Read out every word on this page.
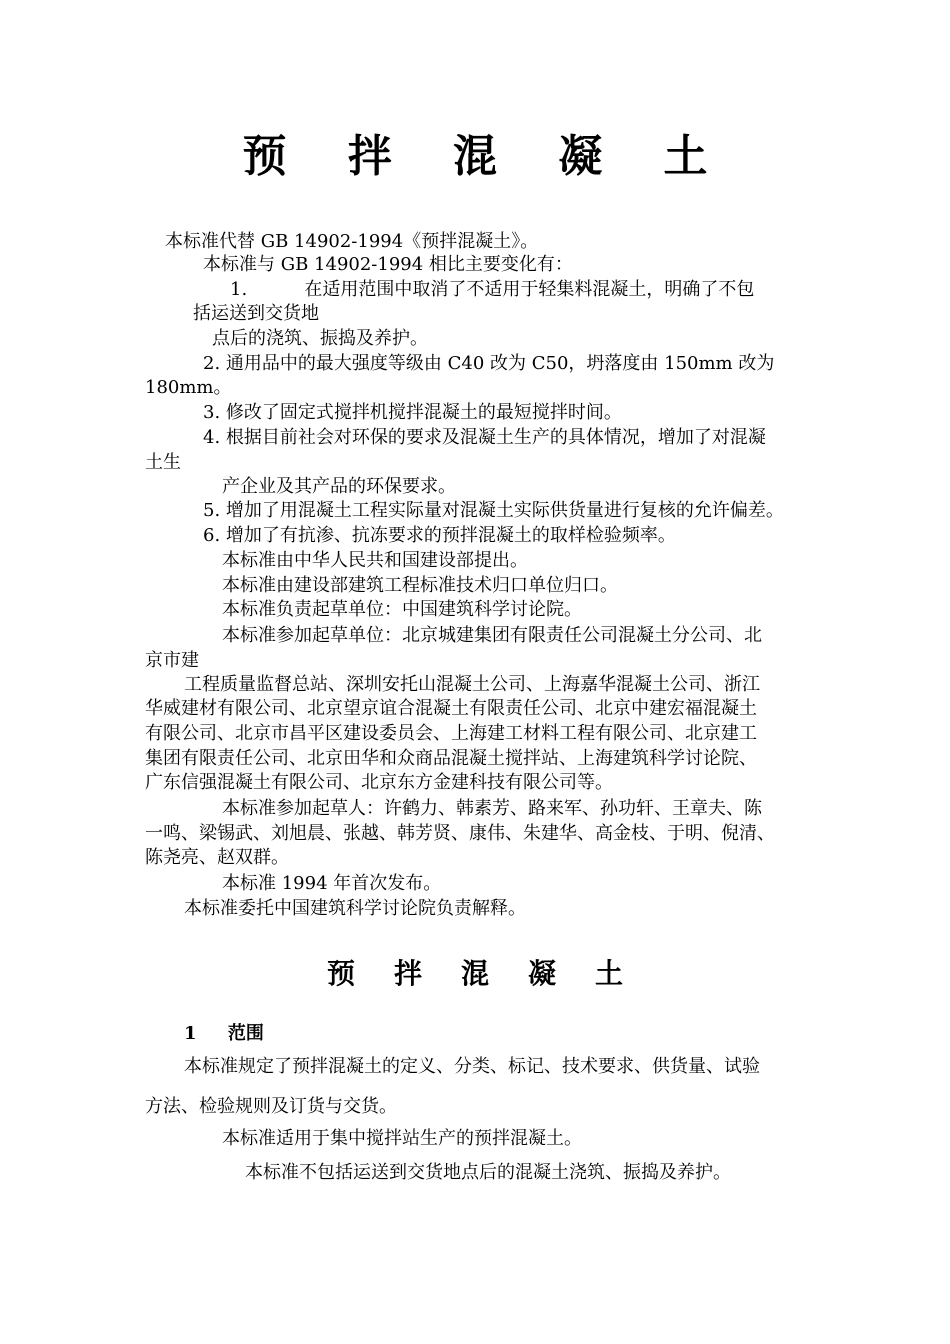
预    拌    混    凝    土

本标准代替 GB 14902-1994《预拌混凝土》。

本标准与 GB 14902-1994 相比主要变化有：

1.          在适用范围中取消了不适用于轻集料混凝土，明确了不包

括运送到交货地

点后的浇筑、振捣及养护。

2. 通用品中的最大强度等级由 C40 改为 C50，坍落度由 150mm 改为

180mm。

3. 修改了固定式搅拌机搅拌混凝土的最短搅拌时间。

4. 根据目前社会对环保的要求及混凝土生产的具体情况，增加了对混凝

土生

产企业及其产品的环保要求。

5. 增加了用混凝土工程实际量对混凝土实际供货量进行复核的允许偏差。

6. 增加了有抗渗、抗冻要求的预拌混凝土的取样检验频率。

本标准由中华人民共和国建设部提出。

本标准由建设部建筑工程标准技术归口单位归口。

本标准负责起草单位：中国建筑科学讨论院。

本标准参加起草单位：北京城建集团有限责任公司混凝土分公司、北

京市建

工程质量监督总站、深圳安托山混凝土公司、上海嘉华混凝土公司、浙江

华威建材有限公司、北京望京谊合混凝土有限责任公司、北京中建宏福混凝土

有限公司、北京市昌平区建设委员会、上海建工材料工程有限公司、北京建工

集团有限责任公司、北京田华和众商品混凝土搅拌站、上海建筑科学讨论院、

广东信强混凝土有限公司、北京东方金建科技有限公司等。

本标准参加起草人：许鹤力、韩素芳、路来军、孙功轩、王章夫、陈

一鸣、梁锡武、刘旭晨、张越、韩芳贤、康伟、朱建华、高金枝、于明、倪清、

陈尧亮、赵双群。

本标准 1994 年首次发布。

本标准委托中国建筑科学讨论院负责解释。

预    拌    混    凝    土

1     范围

本标准规定了预拌混凝土的定义、分类、标记、技术要求、供货量、试验

方法、检验规则及订货与交货。

本标准适用于集中搅拌站生产的预拌混凝土。

本标准不包括运送到交货地点后的混凝土浇筑、振捣及养护。
